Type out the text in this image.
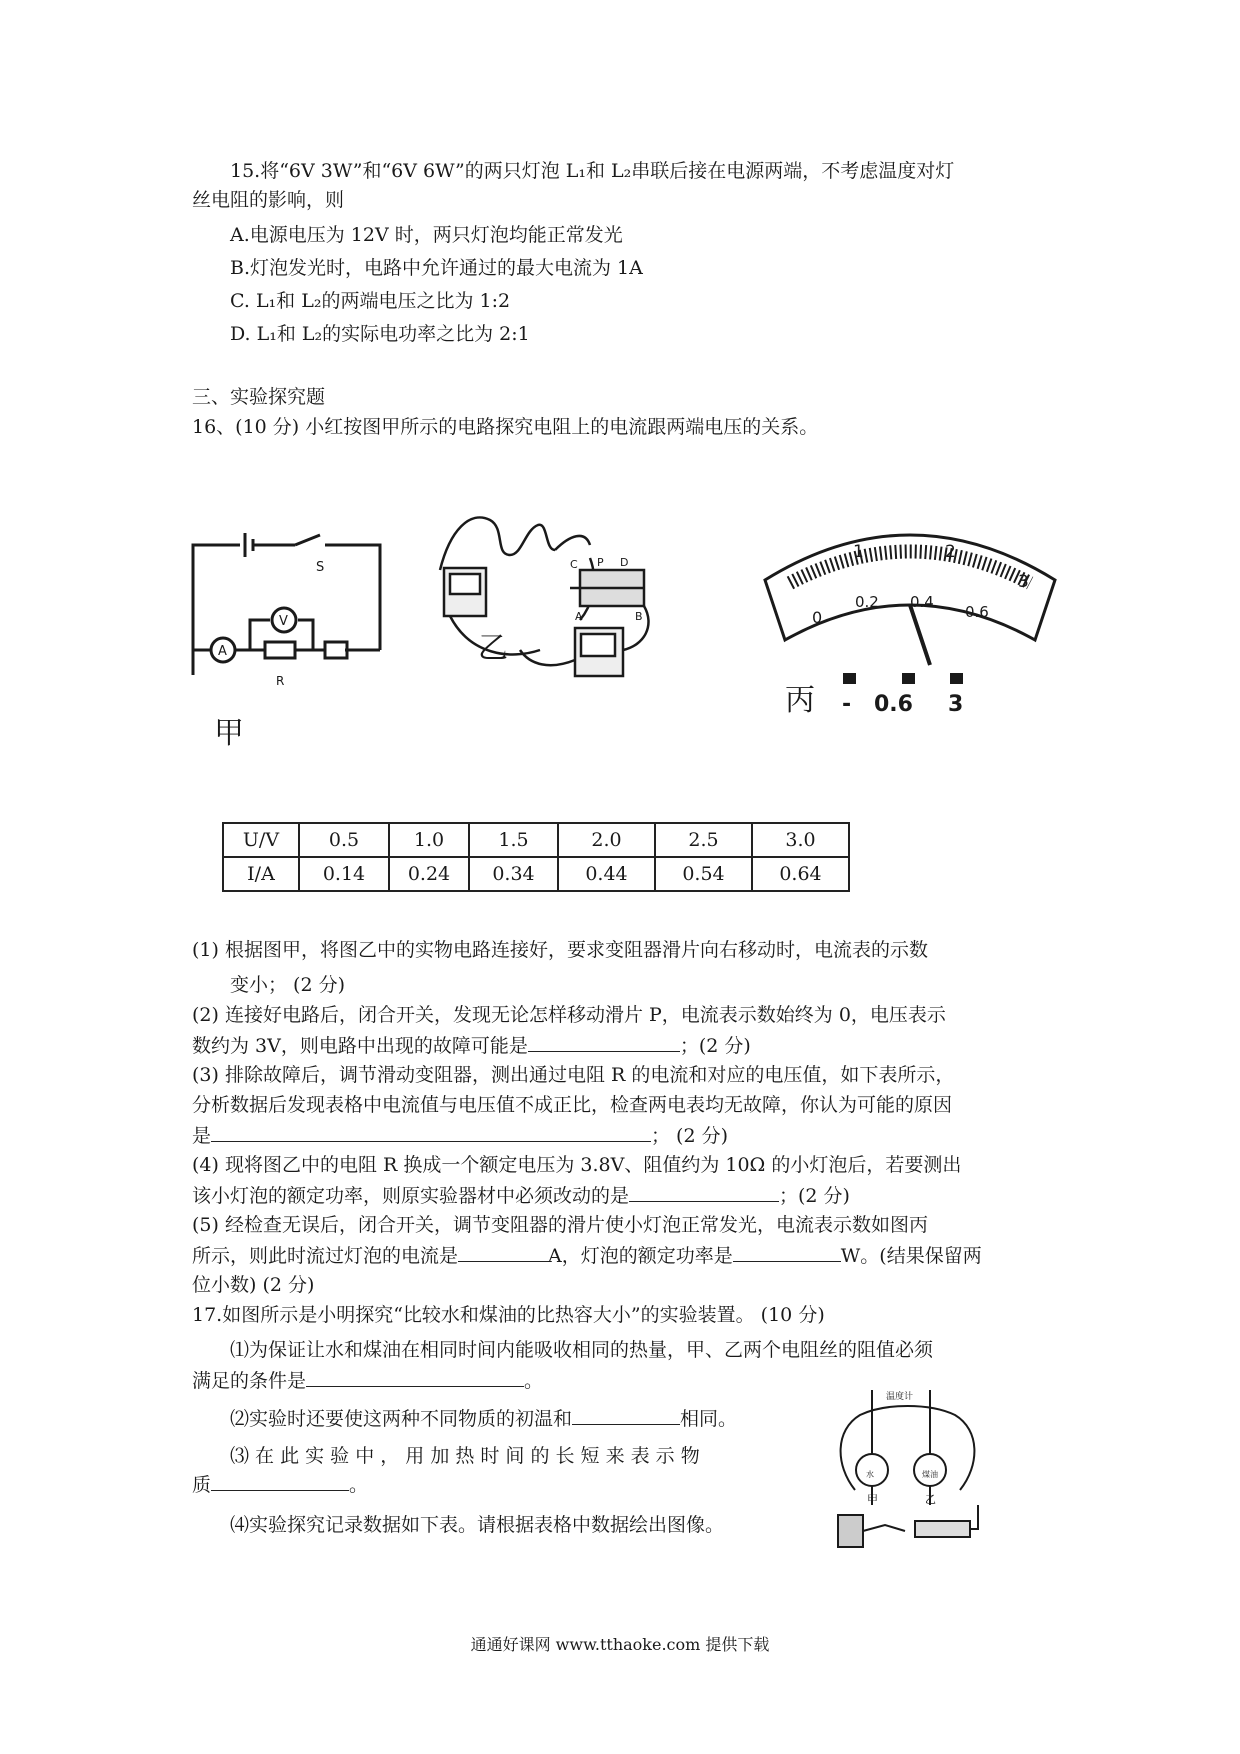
15.将“6V 3W”和“6V 6W”的两只灯泡 L₁和 L₂串联后接在电源两端，不考虑温度对灯
丝电阻的影响，则
A.电源电压为 12V 时，两只灯泡均能正常发光
B.灯泡发光时，电路中允许通过的最大电流为 1A
C. L₁和 L₂的两端电压之比为 1:2
D. L₁和 L₂的实际电功率之比为 2:1
三、实验探究题
16、(10 分) 小红按图甲所示的电路探究电阻上的电流跟两端电压的关系。
S
V
A
R
甲
C P D
A	B
乙
1	2
3
0
0.2 0.4
0.6
- 0.6 3
丙
U/V	0.5	1.0	1.5	2.0	2.5	3.0
I/A	0.14	0.24	0.34	0.44	0.54	0.64
(1) 根据图甲，将图乙中的实物电路连接好，要求变阻器滑片向右移动时，电流表的示数
变小； (2 分)
(2) 连接好电路后，闭合开关，发现无论怎样移动滑片 P，电流表示数始终为 0，电压表示
数约为 3V，则电路中出现的故障可能是	；(2 分)
(3) 排除故障后，调节滑动变阻器，测出通过电阻 R 的电流和对应的电压值，如下表所示，
分析数据后发现表格中电流值与电压值不成正比，检查两电表均无故障，你认为可能的原因
是	； (2 分)
(4) 现将图乙中的电阻 R 换成一个额定电压为 3.8V、阻值约为 10Ω 的小灯泡后，若要测出
该小灯泡的额定功率，则原实验器材中必须改动的是	；(2 分)
(5) 经检查无误后，闭合开关，调节变阻器的滑片使小灯泡正常发光，电流表示数如图丙
所示，则此时流过灯泡的电流是	A，灯泡的额定功率是	W。(结果保留两
位小数) (2 分)
17.如图所示是小明探究“比较水和煤油的比热容大小”的实验装置。 (10 分)
⑴为保证让水和煤油在相同时间内能吸收相同的热量，甲、乙两个电阻丝的阻值必须
满足的条件是	。
⑵实验时还要使这两种不同物质的初温和	相同。
⑶ 在 此 实 验 中 ， 用 加 热 时 间 的 长 短 来 表 示 物
质	。
⑷实验探究记录数据如下表。请根据表格中数据绘出图像。
温度计
水	煤油
甲	乙
通通好课网 www.tthaoke.com 提供下载
